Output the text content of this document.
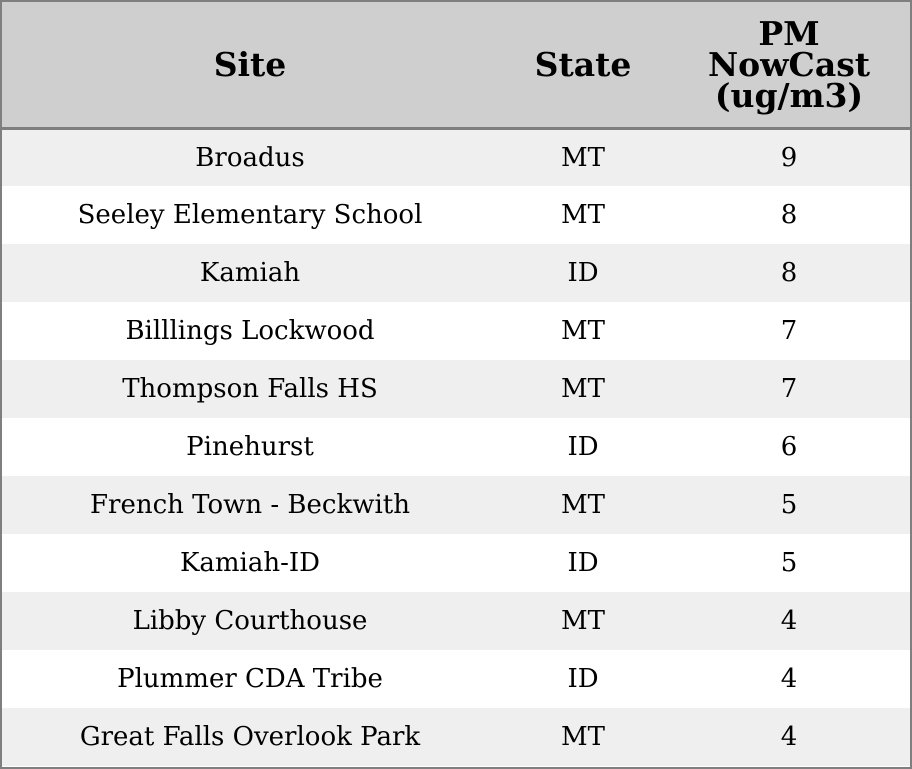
Site	State	PM
NowCast
(ug/m3)

Broadus	MT	9
Seeley Elementary School	MT	8
Kamiah	ID	8
Billlings Lockwood	MT	7
Thompson Falls HS	MT	7
Pinehurst	ID	6
French Town - Beckwith	MT	5
Kamiah-ID	ID	5
Libby Courthouse	MT	4
Plummer CDA Tribe	ID	4
Great Falls Overlook Park	MT	4
